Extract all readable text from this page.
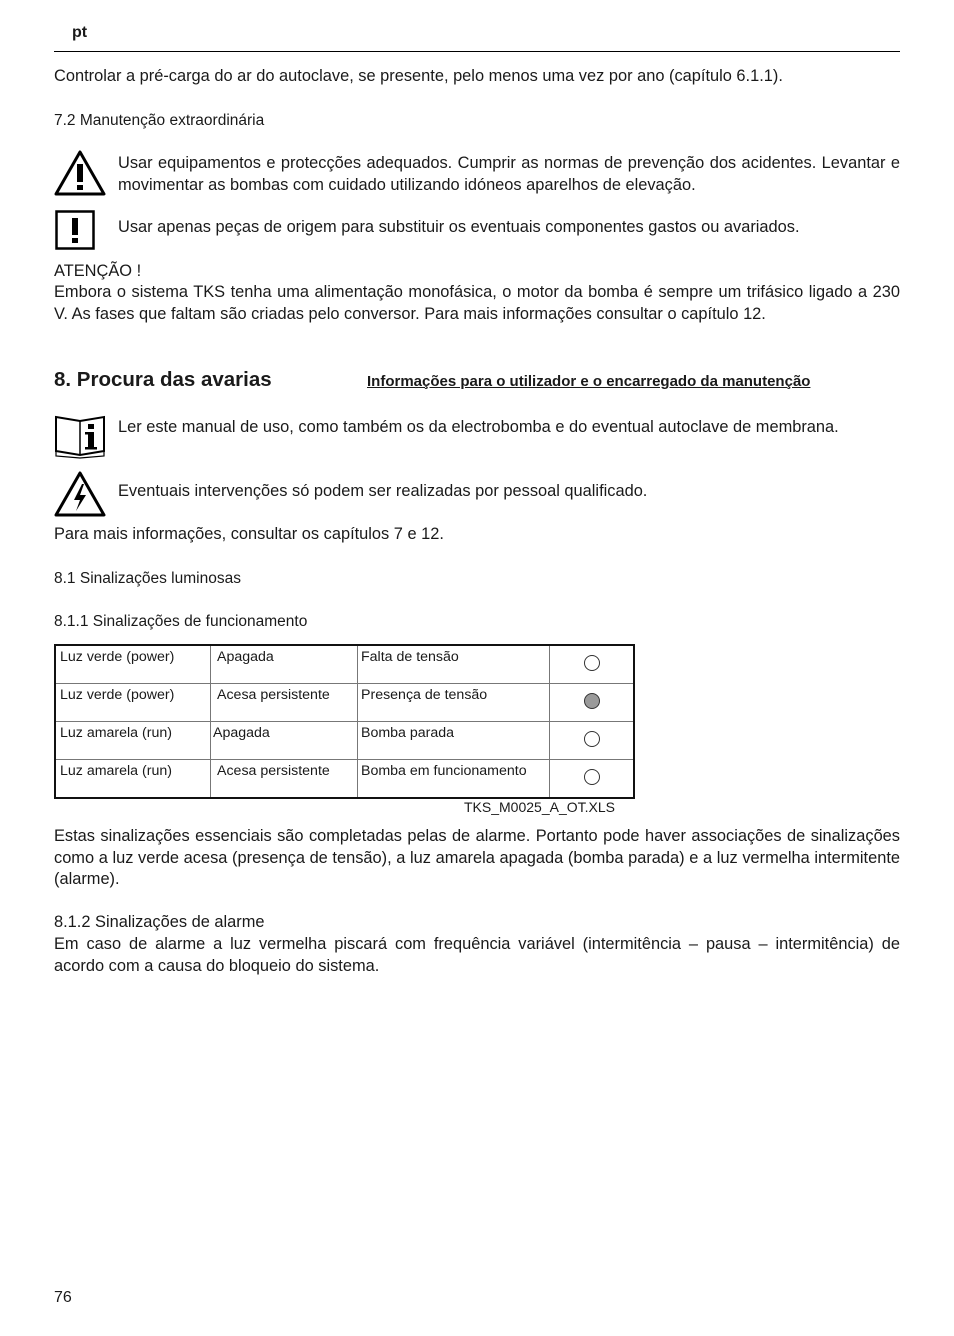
pt
Controlar a pré-carga do ar do autoclave, se presente, pelo menos uma vez por ano (capítulo 6.1.1).
7.2 Manutenção extraordinária
Usar equipamentos e protecções adequados. Cumprir as normas de prevenção dos acidentes. Levantar e movimentar as bombas com cuidado utilizando idóneos aparelhos de elevação.
Usar apenas peças de origem para substituir os eventuais componentes gastos ou avariados.
ATENÇÃO !
Embora o sistema TKS tenha uma alimentação monofásica, o motor da bomba é sempre um trifásico ligado a 230 V. As fases que faltam são criadas pelo conversor. Para mais informações consultar o capítulo 12.
8. Procura das avarias	Informações para o utilizador e o encarregado da manutenção
Ler este manual de uso, como também os da electrobomba e do eventual autoclave de membrana.
Eventuais intervenções só podem ser realizadas por pessoal qualificado.
Para mais informações, consultar os capítulos 7 e 12.
8.1 Sinalizações luminosas
8.1.1 Sinalizações de funcionamento
Luz verde (power)	Apagada	Falta de tensão	

Luz verde (power)	Acesa persistente	Presença de tensão	

Luz amarela (run)	Apagada	Bomba parada	

Luz amarela (run)	Acesa persistente	Bomba em funcionamento	

TKS_M0025_A_OT.XLS
Estas sinalizações essenciais são completadas pelas de alarme. Portanto pode haver associações de sinalizações como a luz verde acesa (presença de tensão), a luz amarela apagada (bomba parada) e a luz vermelha intermitente (alarme).
8.1.2 Sinalizações de alarme
Em caso de alarme a luz vermelha piscará com frequência variável (intermitência – pausa – intermitência) de acordo com a causa do bloqueio do sistema.
76
